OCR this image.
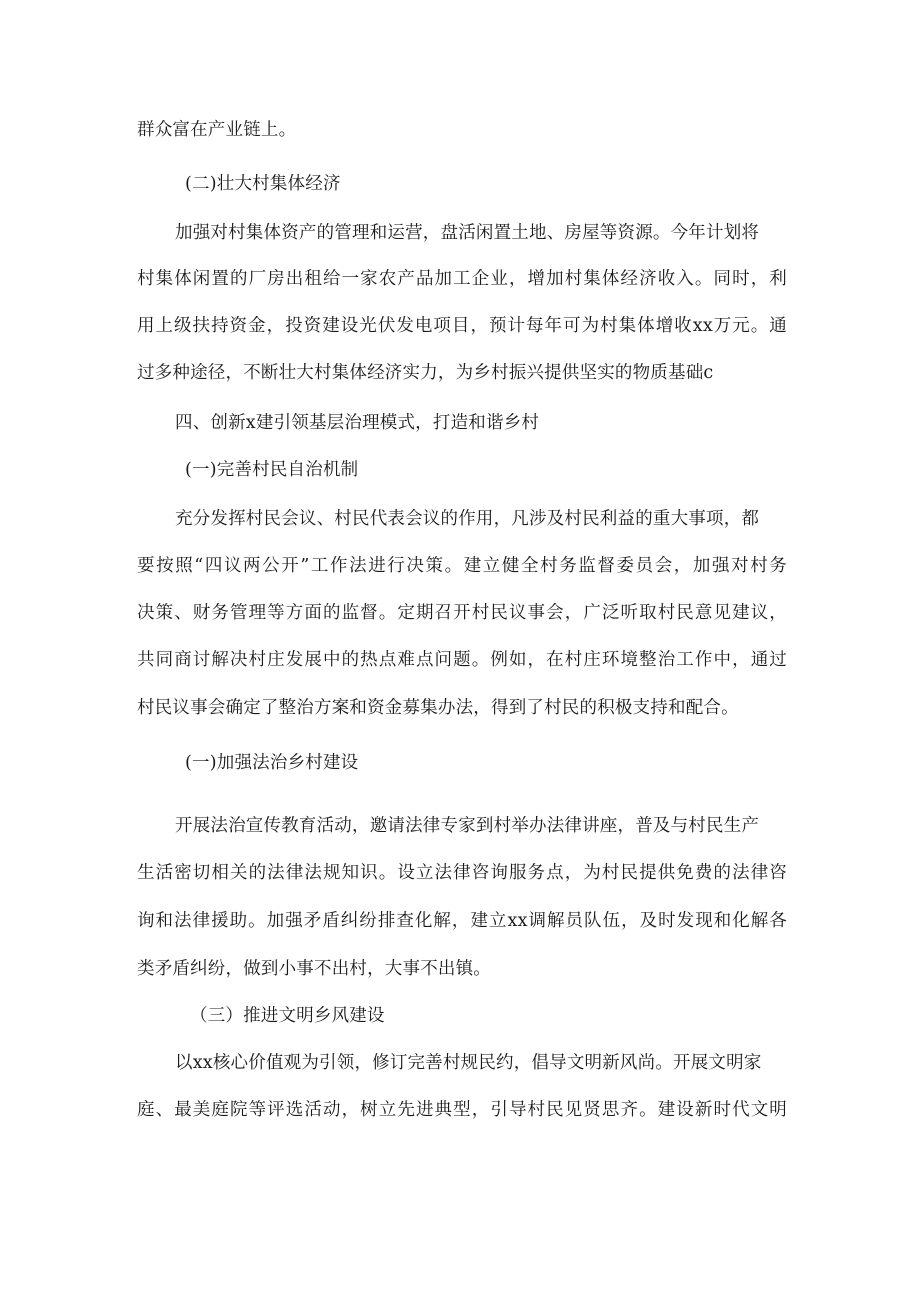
群众富在产业链上。
(二)壮大村集体经济
加强对村集体资产的管理和运营，盘活闲置土地、房屋等资源。今年计划将
村集体闲置的厂房出租给一家农产品加工企业，增加村集体经济收入。同时，利
用上级扶持资金，投资建设光伏发电项目，预计每年可为村集体增收xx万元。通
过多种途径，不断壮大村集体经济实力，为乡村振兴提供坚实的物质基础c
四、创新x建引领基层治理模式，打造和谐乡村
(一)完善村民自治机制
充分发挥村民会议、村民代表会议的作用，凡涉及村民利益的重大事项，都
要按照“四议两公开”工作法进行决策。建立健全村务监督委员会，加强对村务
决策、财务管理等方面的监督。定期召开村民议事会，广泛听取村民意见建议，
共同商讨解决村庄发展中的热点难点问题。例如，在村庄环境整治工作中，通过
村民议事会确定了整治方案和资金募集办法，得到了村民的积极支持和配合。
(一)加强法治乡村建设
开展法治宣传教育活动，邀请法律专家到村举办法律讲座，普及与村民生产
生活密切相关的法律法规知识。设立法律咨询服务点，为村民提供免费的法律咨
询和法律援助。加强矛盾纠纷排查化解，建立xx调解员队伍，及时发现和化解各
类矛盾纠纷，做到小事不出村，大事不出镇。
（三）推进文明乡风建设
以xx核心价值观为引领，修订完善村规民约，倡导文明新风尚。开展文明家
庭、最美庭院等评选活动，树立先进典型，引导村民见贤思齐。建设新时代文明
